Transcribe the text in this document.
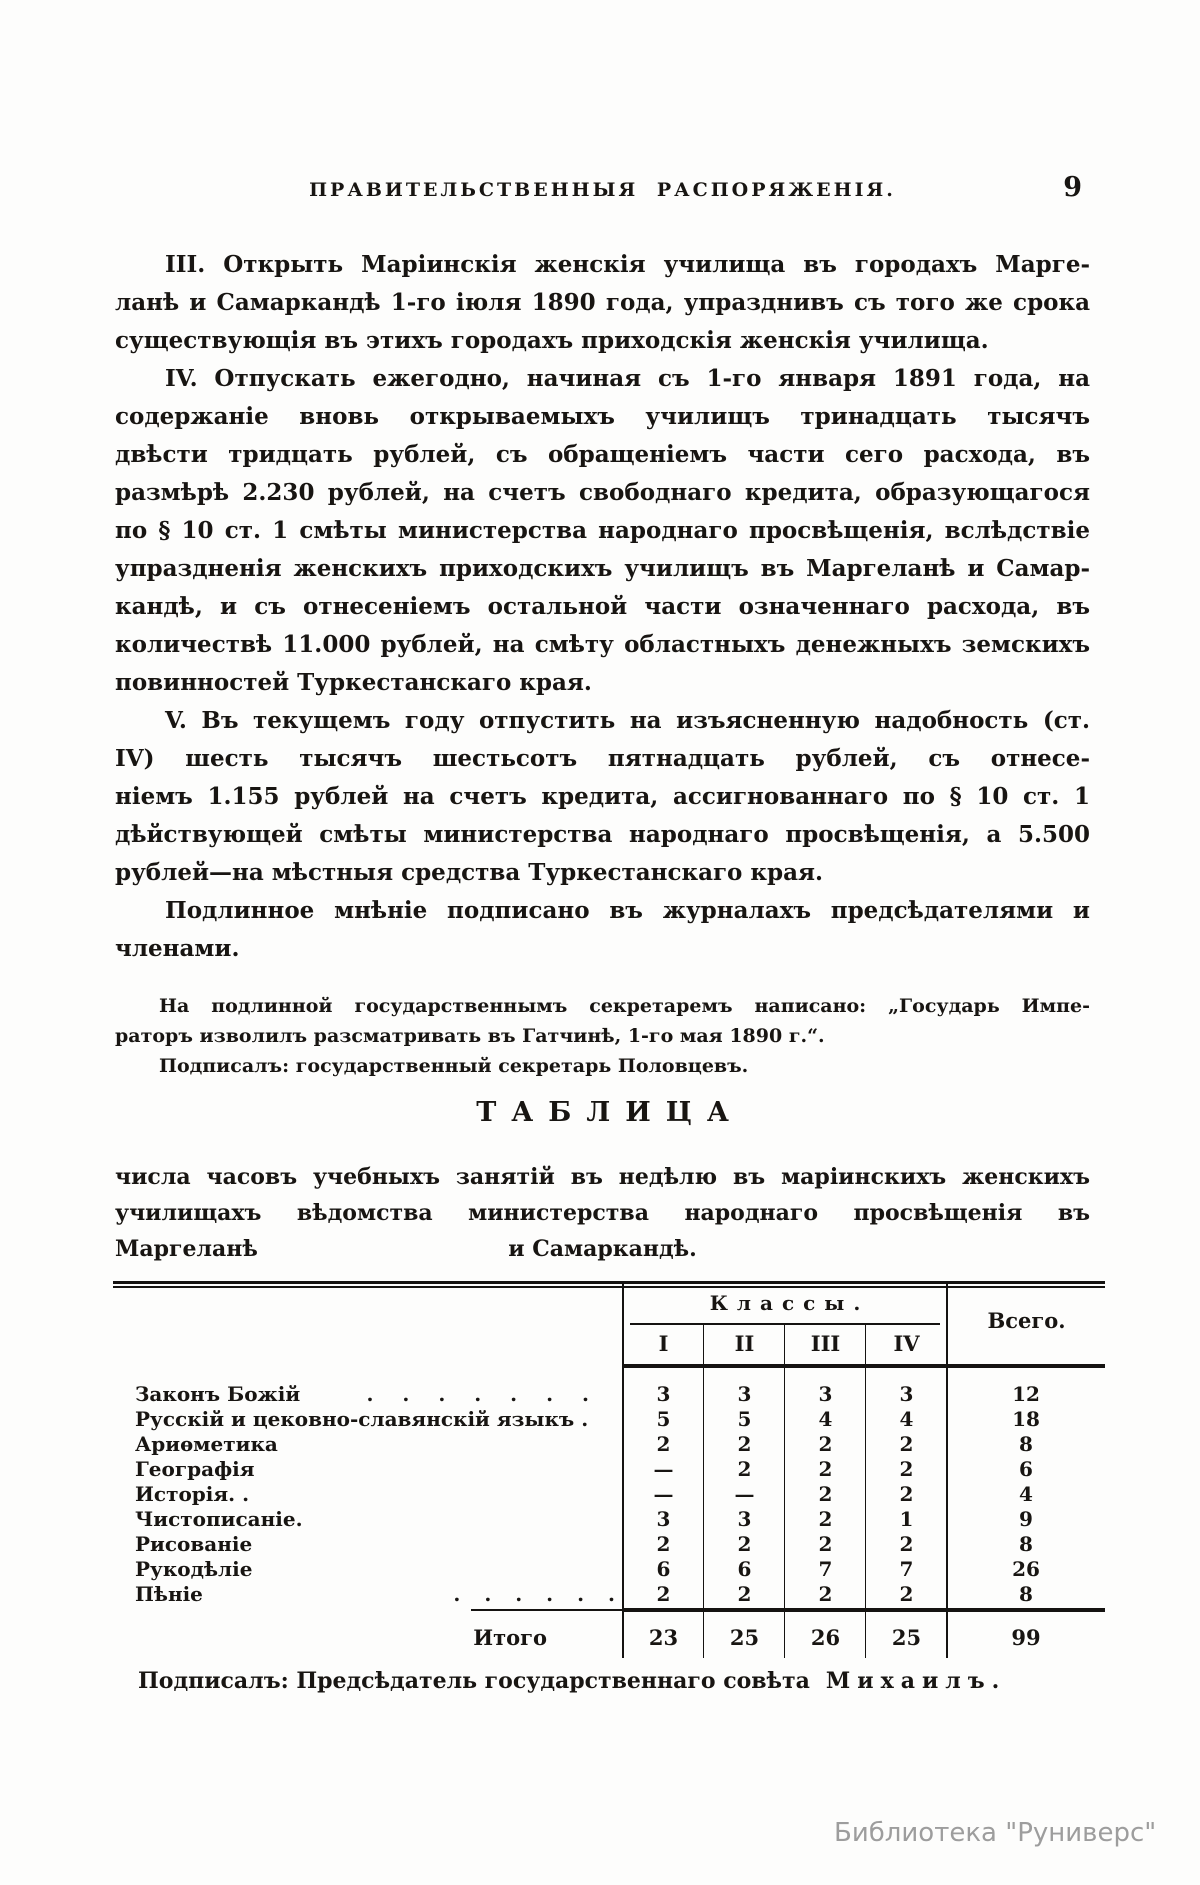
ПРАВИТЕЛЬСТВЕННЫЯ РАСПОРЯЖЕНІЯ.	9
III. Открыть Маріинскія женскія училища въ городахъ Марге-
ланѣ и Самаркандѣ 1-го іюля 1890 года, упразднивъ съ того же срока
существующія въ этихъ городахъ приходскія женскія училища.
IV. Отпускать ежегодно, начиная съ 1-го января 1891 года, на
содержаніе вновь открываемыхъ училищъ тринадцать тысячъ
двѣсти тридцать рублей, съ обращеніемъ части сего расхода, въ
размѣрѣ 2.230 рублей, на счетъ свободнаго кредита, образующагося
по § 10 ст. 1 смѣты министерства народнаго просвѣщенія, вслѣдствіе
упраздненія женскихъ приходскихъ училищъ въ Маргеланѣ и Самар-
кандѣ, и съ отнесеніемъ остальной части означеннаго расхода, въ
количествѣ 11.000 рублей, на смѣту областныхъ денежныхъ земскихъ
повинностей Туркестанскаго края.
V. Въ текущемъ году отпустить на изъясненную надобность (ст.
IV) шесть тысячъ шестьсотъ пятнадцать рублей, съ отнесе-
ніемъ 1.155 рублей на счетъ кредита, ассигнованнаго по § 10 ст. 1
дѣйствующей смѣты министерства народнаго просвѣщенія, а 5.500
рублей—на мѣстныя средства Туркестанскаго края.
Подлинное мнѣніе подписано въ журналахъ предсѣдателями и
членами.
На подлинной государственнымъ секретаремъ написано: „Государь Импе-
раторъ изволилъ разсматривать въ Гатчинѣ, 1-го мая 1890 г.“.
Подписалъ: государственный секретарь Половцевъ.
ТАБЛИЦА
числа часовъ учебныхъ занятій въ недѣлю въ маріинскихъ женскихъ
училищахъ вѣдомства министерства народнаго просвѣщенія въ Маргеланѣ	и Самаркандѣ.
Классы.
Всего.
I	II	III	IV
Законъ Божій	. . . . . . .	3	3	3	3	12
Русскій и цековно-славянскій языкъ .	5	5	4	4	18
Ариѳметика	2	2	2	2	8
Географія	—	2	2	2	6
Исторія. .	—	—	2	2	4
Чистописаніе.	3	3	2	1	9
Рисованіе	2	2	2	2	8
Рукодѣліе	6	6	7	7	26
Пѣніе	. . . . . .	2	2	2	2	8
Итого	23	25	26	25	99
Подписалъ: Предсѣдатель государственнаго совѣта Михаилъ.
Библиотека "Руниверс"
